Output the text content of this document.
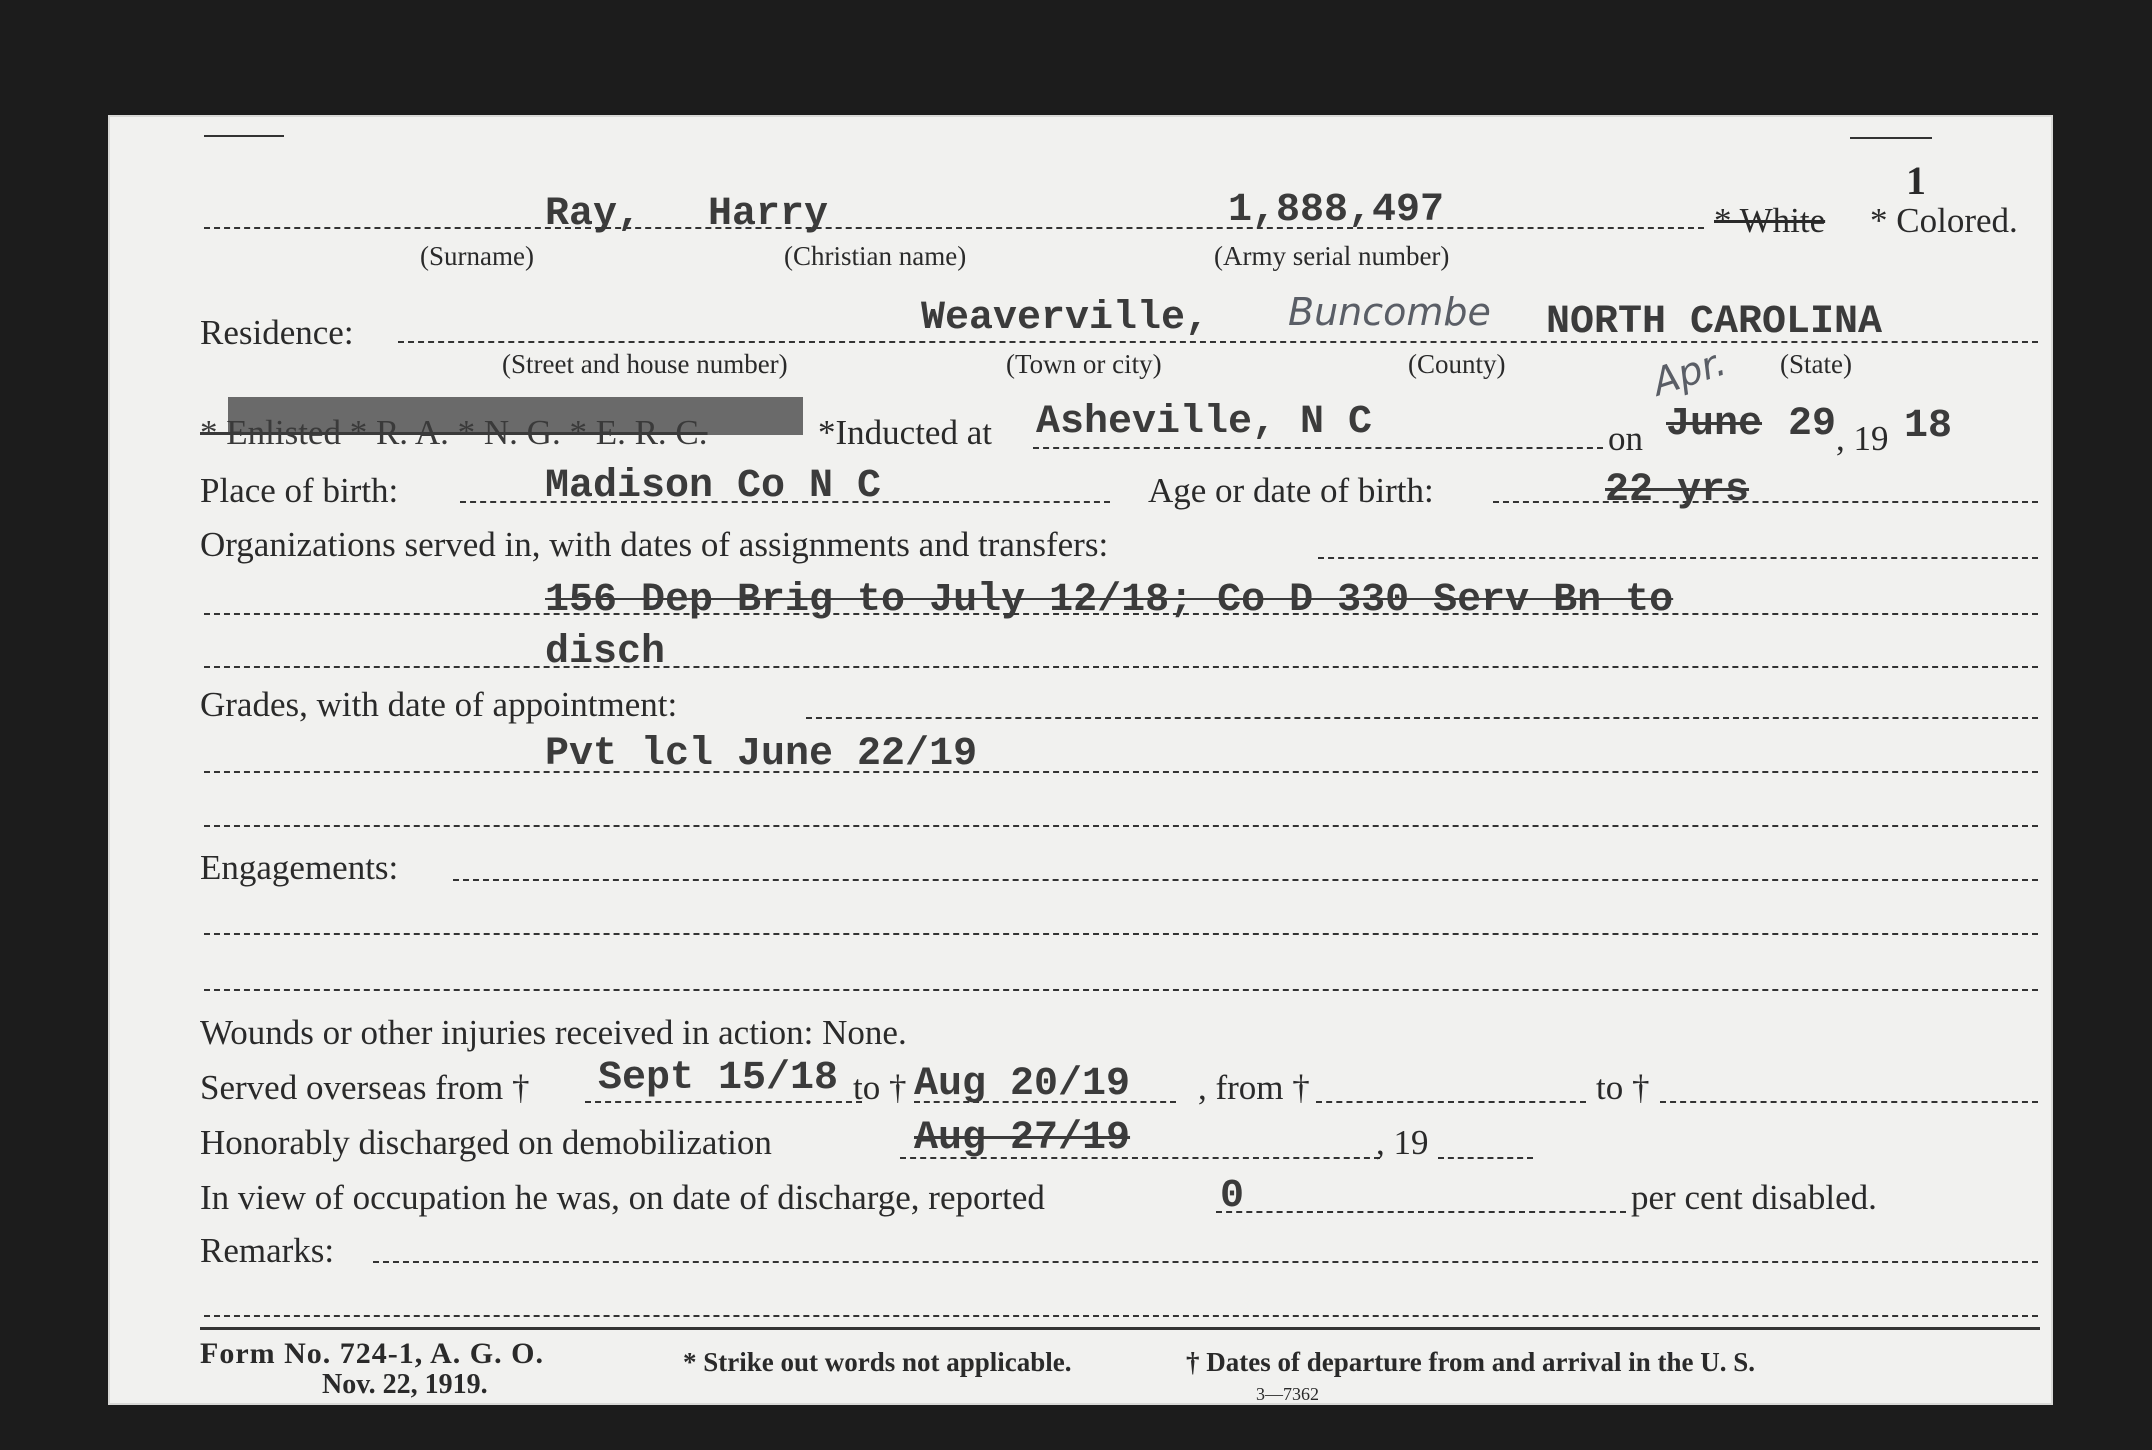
1
Ray, Harry	1,888,497	* White * Colored.
(Surname)	(Christian name)	(Army serial number)
Residence:	Weaverville, Buncombe NORTH CAROLINA
(Street and house number)	(Town or city)	(County)	(State)
* Enlisted * R. A. * N. G. * E. R. C.	*Inducted at Asheville, N C	on June
Apr.
29 , 19 18
Place of birth:	Madison Co N C	Age or date of birth:	22 yrs
Organizations served in, with dates of assignments and transfers:
156 Dep Brig to July 12/18; Co D 330 Serv Bn to
disch
Grades, with date of appointment:
Pvt lcl June 22/19
Engagements:
Wounds or other injuries received in action: None.
Served overseas from † Sept 15/18 to † Aug 20/19 , from †	to †
Honorably discharged on demobilization	Aug 27/19	, 19
In view of occupation he was, on date of discharge, reported	0	per cent disabled.
Remarks:
Form No. 724-1, A. G. O.
Nov. 22, 1919.
* Strike out words not applicable.	† Dates of departure from and arrival in the U. S.
3—7362
